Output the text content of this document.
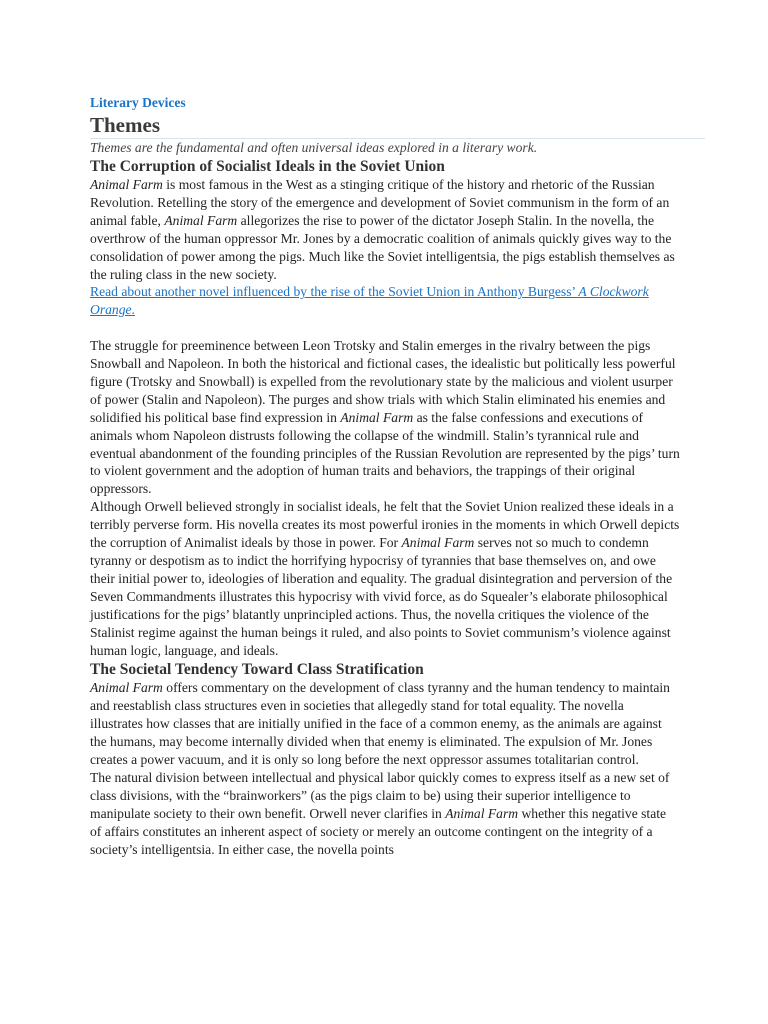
Literary Devices
Themes

Themes are the fundamental and often universal ideas explored in a literary work.

The Corruption of Socialist Ideals in the Soviet Union

Animal Farm is most famous in the West as a stinging critique of the history and rhetoric of the Russian Revolution. Retelling the story of the emergence and development of Soviet communism in the form of an animal fable, Animal Farm allegorizes the rise to power of the dictator Joseph Stalin. In the novella, the overthrow of the human oppressor Mr. Jones by a democratic coalition of animals quickly gives way to the consolidation of power among the pigs. Much like the Soviet intelligentsia, the pigs establish themselves as the ruling class in the new society.

Read about another novel influenced by the rise of the Soviet Union in Anthony Burgess’ A Clockwork Orange.

The struggle for preeminence between Leon Trotsky and Stalin emerges in the rivalry between the pigs Snowball and Napoleon. In both the historical and fictional cases, the idealistic but politically less powerful figure (Trotsky and Snowball) is expelled from the revolutionary state by the malicious and violent usurper of power (Stalin and Napoleon). The purges and show trials with which Stalin eliminated his enemies and solidified his political base find expression in Animal Farm as the false confessions and executions of animals whom Napoleon distrusts following the collapse of the windmill. Stalin’s tyrannical rule and eventual abandonment of the founding principles of the Russian Revolution are represented by the pigs’ turn to violent government and the adoption of human traits and behaviors, the trappings of their original oppressors.

Although Orwell believed strongly in socialist ideals, he felt that the Soviet Union realized these ideals in a terribly perverse form. His novella creates its most powerful ironies in the moments in which Orwell depicts the corruption of Animalist ideals by those in power. For Animal Farm serves not so much to condemn tyranny or despotism as to indict the horrifying hypocrisy of tyrannies that base themselves on, and owe their initial power to, ideologies of liberation and equality. The gradual disintegration and perversion of the Seven Commandments illustrates this hypocrisy with vivid force, as do Squealer’s elaborate philosophical justifications for the pigs’ blatantly unprincipled actions. Thus, the novella critiques the violence of the Stalinist regime against the human beings it ruled, and also points to Soviet communism’s violence against human logic, language, and ideals.

The Societal Tendency Toward Class Stratification

Animal Farm offers commentary on the development of class tyranny and the human tendency to maintain and reestablish class structures even in societies that allegedly stand for total equality. The novella illustrates how classes that are initially unified in the face of a common enemy, as the animals are against the humans, may become internally divided when that enemy is eliminated. The expulsion of Mr. Jones creates a power vacuum, and it is only so long before the next oppressor assumes totalitarian control.

The natural division between intellectual and physical labor quickly comes to express itself as a new set of class divisions, with the “brainworkers” (as the pigs claim to be) using their superior intelligence to manipulate society to their own benefit. Orwell never clarifies in Animal Farm whether this negative state of affairs constitutes an inherent aspect of society or merely an outcome contingent on the integrity of a society’s intelligentsia. In either case, the novella points
